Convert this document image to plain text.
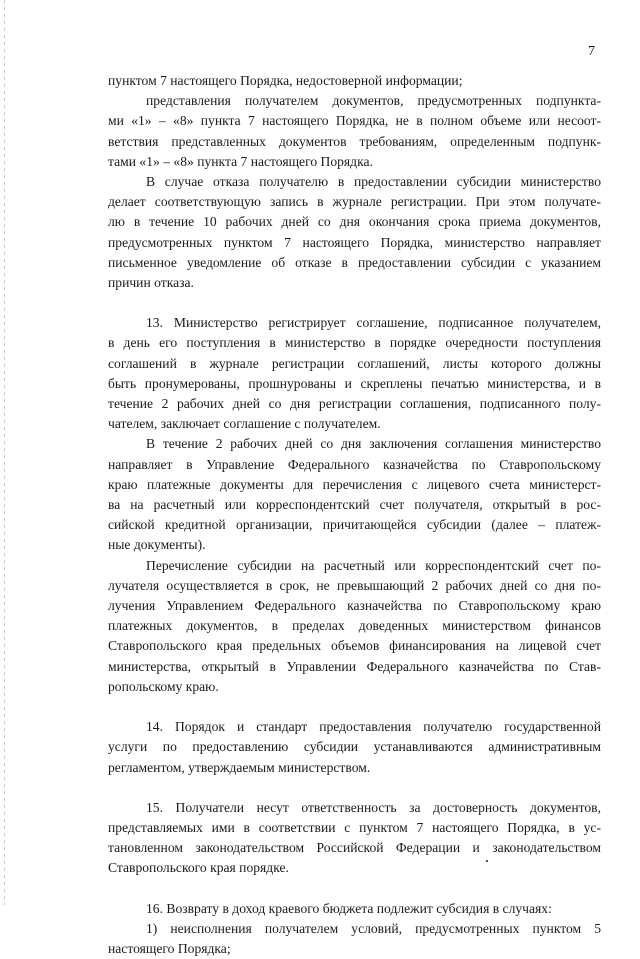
7

пунктом 7 настоящего Порядка, недостоверной информации;

представления получателем документов, предусмотренных подпункта-

ми «1» – «8» пункта 7 настоящего Порядка, не в полном объеме или несоот-

ветствия представленных документов требованиям, определенным подпунк-

тами «1» – «8» пункта 7 настоящего Порядка.

В случае отказа получателю в предоставлении субсидии министерство

делает соответствующую запись в журнале регистрации. При этом получате-

лю в течение 10 рабочих дней со дня окончания срока приема документов,

предусмотренных пунктом 7 настоящего Порядка, министерство направляет

письменное уведомление об отказе в предоставлении субсидии с указанием

причин отказа.

13. Министерство регистрирует соглашение, подписанное получателем,

в день его поступления в министерство в порядке очередности поступления

соглашений в журнале регистрации соглашений, листы которого должны

быть пронумерованы, прошнурованы и скреплены печатью министерства, и в

течение 2 рабочих дней со дня регистрации соглашения, подписанного полу-

чателем, заключает соглашение с получателем.

В течение 2 рабочих дней со дня заключения соглашения министерство

направляет в Управление Федерального казначейства по Ставропольскому

краю платежные документы для перечисления с лицевого счета министерст-

ва на расчетный или корреспондентский счет получателя, открытый в рос-

сийской кредитной организации, причитающейся субсидии (далее – платеж-

ные документы).

Перечисление субсидии на расчетный или корреспондентский счет по-

лучателя осуществляется в срок, не превышающий 2 рабочих дней со дня по-

лучения Управлением Федерального казначейства по Ставропольскому краю

платежных документов, в пределах доведенных министерством финансов

Ставропольского края предельных объемов финансирования на лицевой счет

министерства, открытый в Управлении Федерального казначейства по Став-

ропольскому краю.

14. Порядок и стандарт предоставления получателю государственной

услуги по предоставлению субсидии устанавливаются административным

регламентом, утверждаемым министерством.

15. Получатели несут ответственность за достоверность документов,

представляемых ими в соответствии с пунктом 7 настоящего Порядка, в ус-

тановленном законодательством Российской Федерации и законодательством

Ставропольского края порядке.

16. Возврату в доход краевого бюджета подлежит субсидия в случаях:

1) неисполнения получателем условий, предусмотренных пунктом 5

настоящего Порядка;
